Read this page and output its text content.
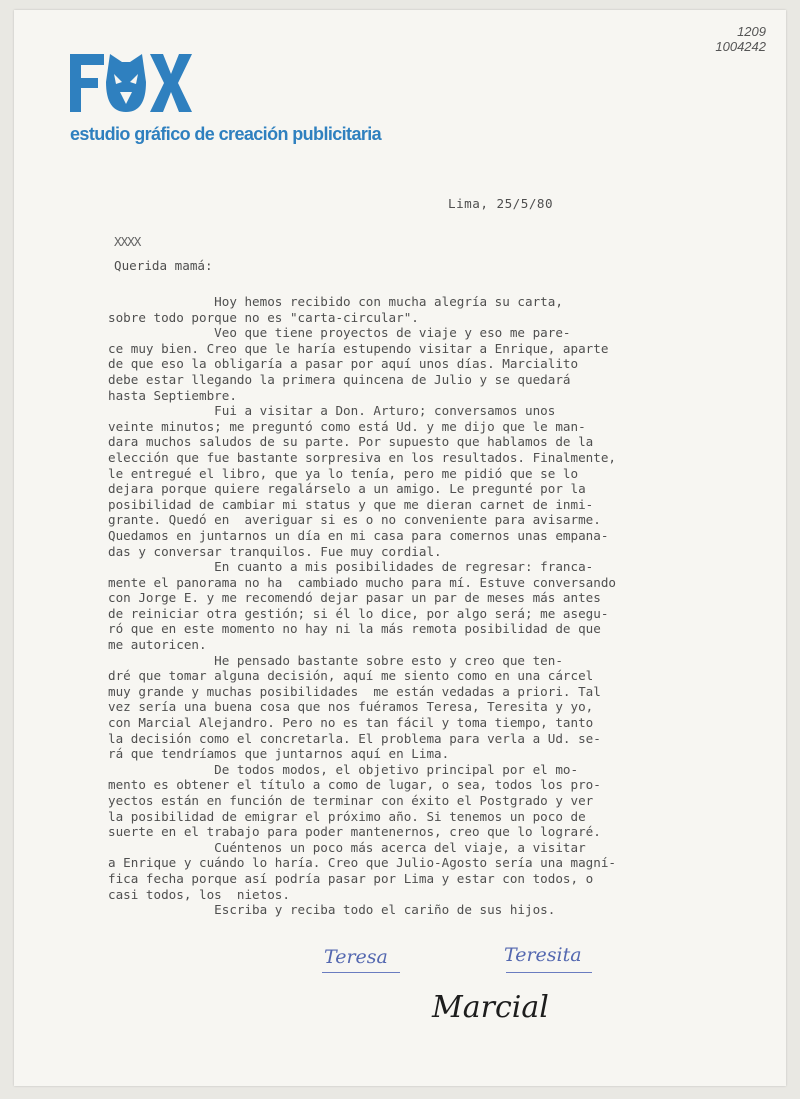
1209
1004242
estudio gráfico de creación publicitaria
Lima, 25/5/80
XXXX
Querida mamá:
Hoy hemos recibido con mucha alegría su carta,
sobre todo porque no es "carta-circular".
Veo que tiene proyectos de viaje y eso me pare-
ce muy bien. Creo que le haría estupendo visitar a Enrique, aparte
de que eso la obligaría a pasar por aquí unos días. Marcialito
debe estar llegando la primera quincena de Julio y se quedará
hasta Septiembre.
Fui a visitar a Don. Arturo; conversamos unos
veinte minutos; me preguntó como está Ud. y me dijo que le man-
dara muchos saludos de su parte. Por supuesto que hablamos de la
elección que fue bastante sorpresiva en los resultados. Finalmente,
le entregué el libro, que ya lo tenía, pero me pidió que se lo
dejara porque quiere regalárselo a un amigo. Le pregunté por la
posibilidad de cambiar mi status y que me dieran carnet de inmi-
grante. Quedó en  averiguar si es o no conveniente para avisarme.
Quedamos en juntarnos un día en mi casa para comernos unas empana-
das y conversar tranquilos. Fue muy cordial.
En cuanto a mis posibilidades de regresar: franca-
mente el panorama no ha  cambiado mucho para mí. Estuve conversando
con Jorge E. y me recomendó dejar pasar un par de meses más antes
de reiniciar otra gestión; si él lo dice, por algo será; me asegu-
ró que en este momento no hay ni la más remota posibilidad de que
me autoricen.
He pensado bastante sobre esto y creo que ten-
dré que tomar alguna decisión, aquí me siento como en una cárcel
muy grande y muchas posibilidades  me están vedadas a priori. Tal
vez sería una buena cosa que nos fuéramos Teresa, Teresita y yo,
con Marcial Alejandro. Pero no es tan fácil y toma tiempo, tanto
la decisión como el concretarla. El problema para verla a Ud. se-
rá que tendríamos que juntarnos aquí en Lima.
De todos modos, el objetivo principal por el mo-
mento es obtener el título a como de lugar, o sea, todos los pro-
yectos están en función de terminar con éxito el Postgrado y ver
la posibilidad de emigrar el próximo año. Si tenemos un poco de
suerte en el trabajo para poder mantenernos, creo que lo lograré.
Cuéntenos un poco más acerca del viaje, a visitar
a Enrique y cuándo lo haría. Creo que Julio-Agosto sería una magní-
fica fecha porque así podría pasar por Lima y estar con todos, o
casi todos, los  nietos.
Escriba y reciba todo el cariño de sus hijos.
Teresa	Teresita
Marcial
